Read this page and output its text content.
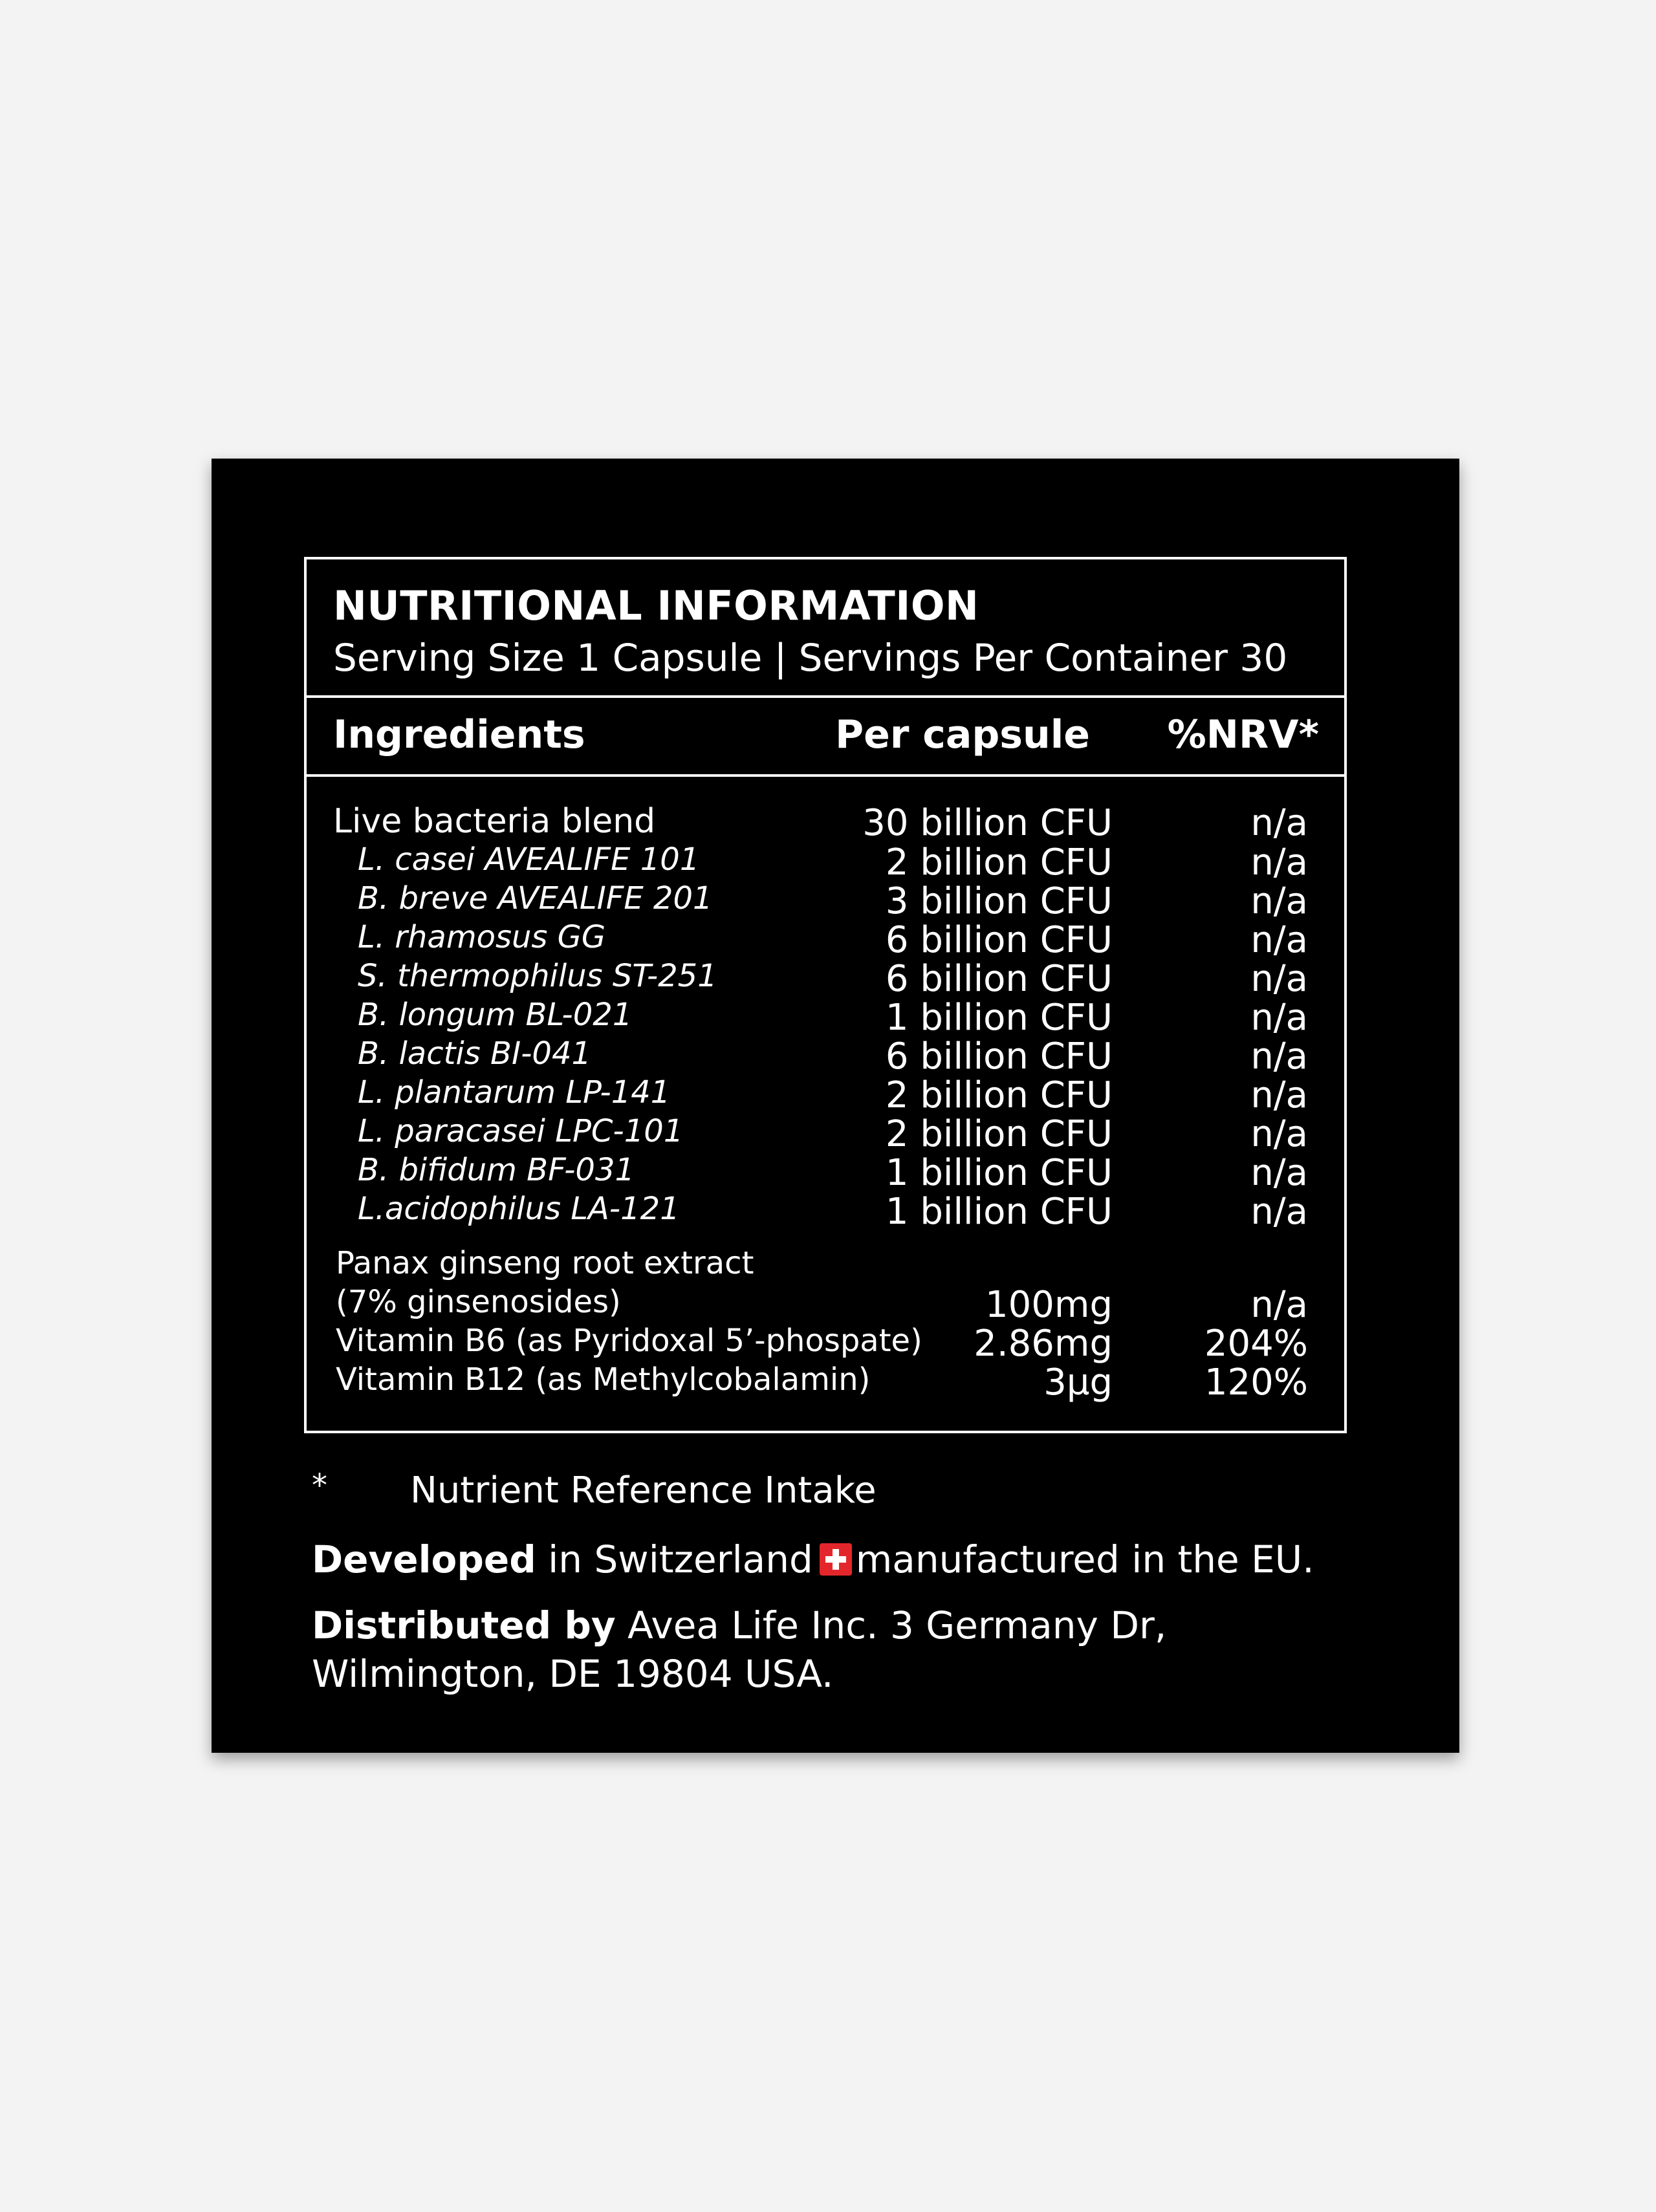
NUTRITIONAL INFORMATION
Serving Size 1 Capsule | Servings Per Container 30
Ingredients	Per capsule %NRV*
Live bacteria blend	30 billion CFU	n/a
L. casei AVEALIFE 101	2 billion CFU	n/a
B. breve AVEALIFE 201	3 billion CFU	n/a
L. rhamosus GG	6 billion CFU	n/a
S. thermophilus ST-251	6 billion CFU	n/a
B. longum BL-021	1 billion CFU	n/a
B. lactis BI-041	6 billion CFU	n/a
L. plantarum LP-141	2 billion CFU	n/a
L. paracasei LPC-101	2 billion CFU	n/a
B. bifidum BF-031	1 billion CFU	n/a
L.acidophilus LA-121	1 billion CFU	n/a
Panax ginseng root extract
(7% ginsenosides)	100mg	n/a
Vitamin B6 (as Pyridoxal 5’-phospate) 2.86mg	204%
Vitamin B12 (as Methylcobalamin)	3µg	120%
* Nutrient Reference Intake
Developed in Switzerland manufactured in the EU.
Distributed by Avea Life Inc. 3 Germany Dr,
Wilmington, DE 19804 USA.
